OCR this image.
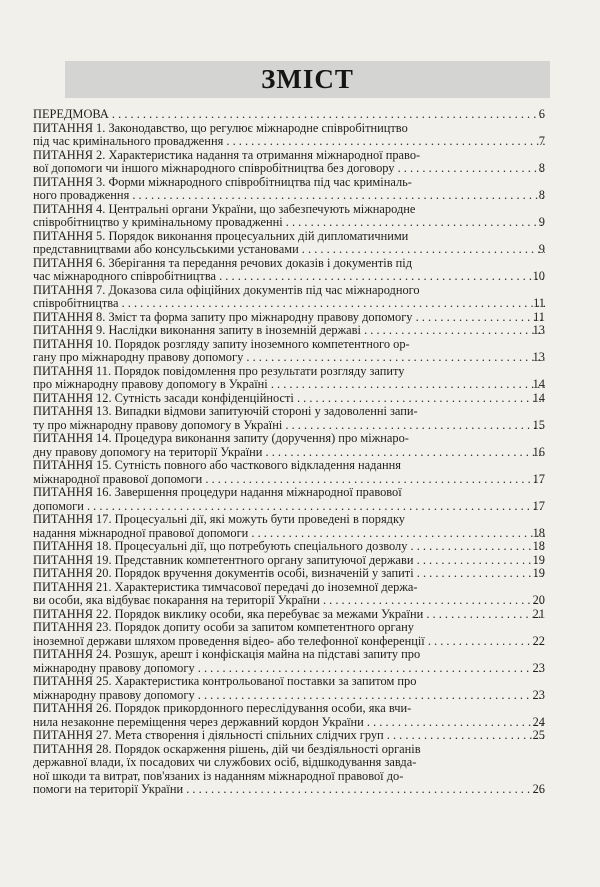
ЗМІСТ
ПЕРЕДМОВА . . .	6
ПИТАННЯ 1. Законодавство, що регулює міжнародне співробітництво
під час кримінального провадження . . .	7
ПИТАННЯ 2. Характеристика надання та отримання міжнародної право-
вої допомоги чи іншого міжнародного співробітництва без договору . . .	8
ПИТАННЯ 3. Форми міжнародного співробітництва під час криміналь-
ного провадження . . .	8
ПИТАННЯ 4. Центральні органи України, що забезпечують міжнародне
співробітництво у кримінальному провадженні . . .	9
ПИТАННЯ 5. Порядок виконання процесуальних дій дипломатичними
представництвами або консульськими установами . . .	9
ПИТАННЯ 6. Зберігання та передання речових доказів і документів під
час міжнародного співробітництва . . .	10
ПИТАННЯ 7. Доказова сила офіційних документів під час міжнародного
співробітництва . . .	11
ПИТАННЯ 8. Зміст та форма запиту про міжнародну правову допомогу . . .	11
ПИТАННЯ 9. Наслідки виконання запиту в іноземній державі . . .	13
ПИТАННЯ 10. Порядок розгляду запиту іноземного компетентного ор-
гану про міжнародну правову допомогу . . .	13
ПИТАННЯ 11. Порядок повідомлення про результати розгляду запиту
про міжнародну правову допомогу в Україні . . .	14
ПИТАННЯ 12. Сутність засади конфіденційності . . .	14
ПИТАННЯ 13. Випадки відмови запитуючій стороні у задоволенні запи-
ту про міжнародну правову допомогу в Україні . . .	15
ПИТАННЯ 14. Процедура виконання запиту (доручення) про міжнаро-
дну правову допомогу на території України . . .	16
ПИТАННЯ 15. Сутність повного або часткового відкладення надання
міжнародної правової допомоги . . .	17
ПИТАННЯ 16. Завершення процедури надання міжнародної правової
допомоги . . .	17
ПИТАННЯ 17. Процесуальні дії, які можуть бути проведені в порядку
надання міжнародної правової допомоги . . .	18
ПИТАННЯ 18. Процесуальні дії, що потребують спеціального дозволу . . .	18
ПИТАННЯ 19. Представник компетентного органу запитуючої держави . . .	19
ПИТАННЯ 20. Порядок вручення документів особі, визначеній у запиті . . .	19
ПИТАННЯ 21. Характеристика тимчасової передачі до іноземної держа-
ви особи, яка відбуває покарання на території України . . .	20
ПИТАННЯ 22. Порядок виклику особи, яка перебуває за межами України . . .	21
ПИТАННЯ 23. Порядок допиту особи за запитом компетентного органу
іноземної держави шляхом проведення відео- або телефонної конференції . . .	22
ПИТАННЯ 24. Розшук, арешт і конфіскація майна на підставі запиту про
міжнародну правову допомогу . . .	23
ПИТАННЯ 25. Характеристика контрольованої поставки за запитом про
міжнародну правову допомогу . . .	23
ПИТАННЯ 26. Порядок прикордонного переслідування особи, яка вчи-
нила незаконне переміщення через державний кордон України . . .	24
ПИТАННЯ 27. Мета створення і діяльності спільних слідчих груп . . .	25
ПИТАННЯ 28. Порядок оскарження рішень, дій чи бездіяльності органів
державної влади, їх посадових чи службових осіб, відшкодування завда-
ної шкоди та витрат, пов'язаних із наданням міжнародної правової до-
помоги на території України . . .	26
